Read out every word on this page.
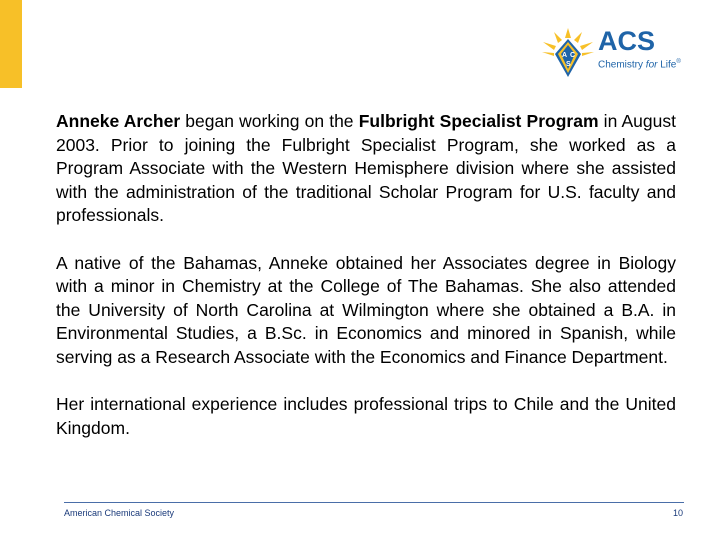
A C
S
ACS
Chemistry for Life®

Anneke Archer began working on the Fulbright Specialist Program in August 2003. Prior to joining the Fulbright Specialist Program, she worked as a Program Associate with the Western Hemisphere division where she assisted with the administration of the traditional Scholar Program for U.S. faculty and professionals.

A native of the Bahamas, Anneke obtained her Associates degree in Biology with a minor in Chemistry at the College of The Bahamas. She also attended the University of North Carolina at Wilmington where she obtained a B.A. in Environmental Studies, a B.Sc. in Economics and minored in Spanish, while serving as a Research Associate with the Economics and Finance Department.

Her international experience includes professional trips to Chile and the United Kingdom.

American Chemical Society	10
